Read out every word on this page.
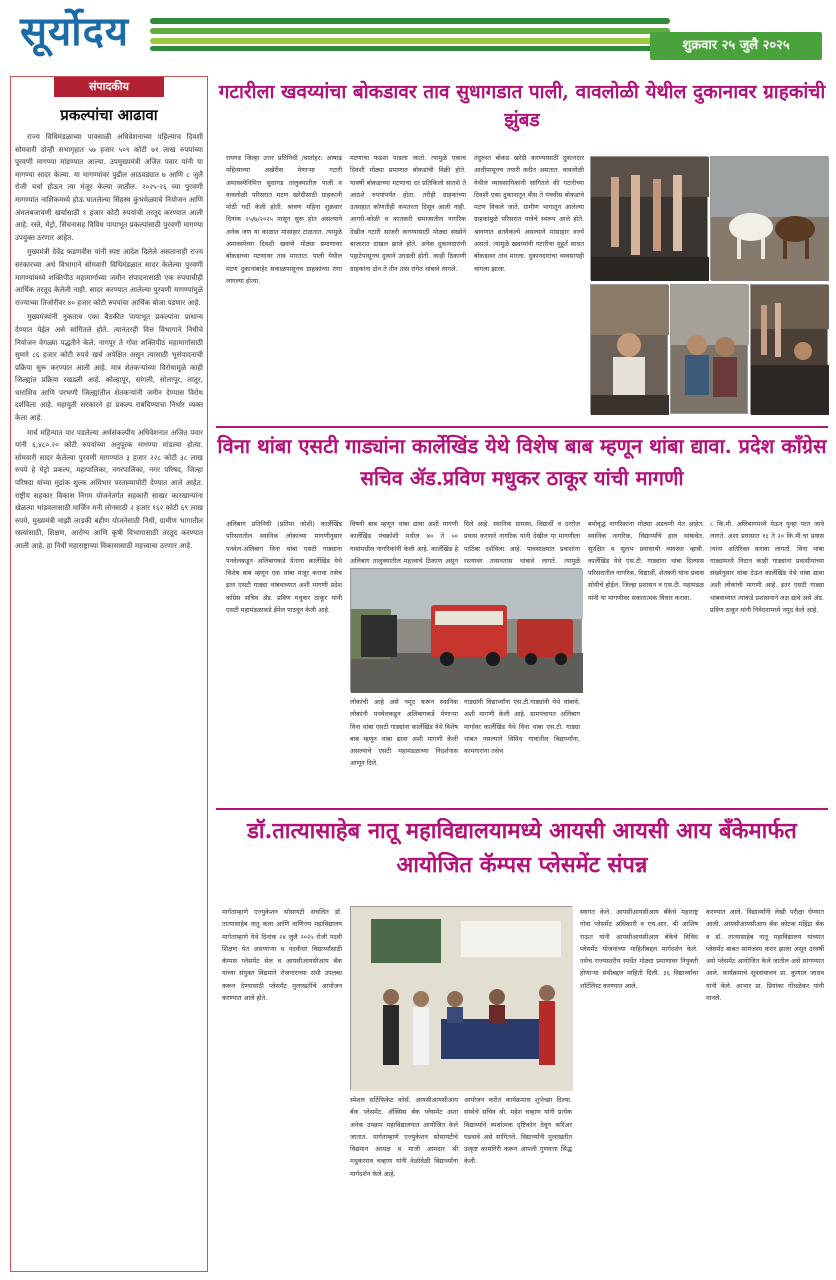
सूर्योदय	शुक्रवार २५ जुलै २०२५
संपादकीय
प्रकल्पांचा आढावा

राज्य विधिमंडळाच्या पावसाळी अधिवेशनाच्या पहिल्याच दिवशी सोमवारी दोन्ही सभागृहात ५७ हजार ५०९ कोटी ७१ लाख रुपयांच्या पुरवणी मागण्या मांडण्यात आल्या. उपमुख्यमंत्री अजित पवार यांनी या मागण्या सादर केल्या. या मागण्यांवर पुढील आठवड्यात ७ आणि ८ जुलै रोजी चर्चा होऊन त्या मंजूर केल्या जातील. २०२५-२६ च्या पुरवणी मागण्यांत नाशिकमध्ये होऊ घातलेल्या सिंहस्थ कुंभमेळ्याचे नियोजन आणि अंमलबजावणी खर्चासाठी १ हजार कोटी रुपयांची तरतूद करण्यात आली आहे. रस्ते, मेट्रो, सिंचनासह विविध पायाभूत प्रकल्पांसाठी पुरवणी मागण्या उपयुक्त ठरणार आहेत.

मुख्यमंत्री देवेंद्र फडणवीस यांनी स्पष्ट आदेश दिलेले असतानाही राज्य सरकारच्या अर्थ विभागाने सोमवारी विधिमंडळात सादर केलेल्या पुरवणी मागण्यांमध्ये शक्तिपीठ महामार्गाच्या जमीन संपादनासाठी एक रुपयाचीही आर्थिक तरतूद केलेली नाही. सादर करण्यात आलेल्या पुरवणी मागण्यांमुळे राज्याच्या तिजोरीवर ४० हजार कोटी रुपयांचा आर्थिक बोजा पडणार आहे.

मुख्यमंत्र्यांनी नुकताच एका बैठकीत पायाभूत प्रकल्पांना प्राधान्य देण्यात येईल असे सांगितले होते. त्यानंतरही वित्त विभागाने निधीचे नियोजन वेगळ्या पद्धतीने केले. नागपूर ते गोवा शक्तिपीठ महामार्गासाठी सुमारे ८६ हजार कोटी रुपये खर्च अपेक्षित असून त्यासाठी भूसंपादनाची प्रक्रिया सुरू करण्यात आली आहे. मात्र शेतकऱ्यांच्या विरोधामुळे काही जिल्ह्यांत प्रक्रिया रखडली आहे. कोल्हापूर, सांगली, सोलापूर, लातूर, धाराशिव आणि परभणी जिल्ह्यांतील शेतकऱ्यांनी जमीन देण्यास विरोध दर्शविला आहे. महायुती सरकारने हा प्रकल्प राबविण्याचा निर्धार व्यक्त केला आहे.

मार्च महिन्यात पार पडलेल्या अर्थसंकल्पीय अधिवेशनात अजित पवार यांनी ६,४८०.२० कोटी रुपयांच्या अनुपूरक मागण्या मांडल्या होत्या. सोमवारी सादर केलेल्या पुरवणी मागण्यांत ३ हजार २२८ कोटी ३८ लाख रुपये हे मेट्रो प्रकल्प, महापालिका, नगरपालिका, नगर परिषद, जिल्हा परिषदा यांच्या मुद्रांक शुल्क अधिभार परताव्यापोटी देण्यात आले आहेत. राष्ट्रीय सहकार विकास निगम योजनेतर्गत सहकारी साखर कारखान्यांना खेळत्या भांडवलासाठी मार्जिन मनी लोनसाठी २ हजार १६२ कोटी ६९ लाख रुपये, मुख्यमंत्री माझी लाडकी बहीण योजनेसाठी निधी, ग्रामीण भागातील रस्त्यांसाठी, शिक्षण, आरोग्य आणि कृषी विभागासाठी तरतूद करण्यात आली आहे. हा निधी महाराष्ट्राच्या विकासासाठी महत्त्वाचा ठरणार आहे.

गटारीला खवय्यांचा बोकडावर ताव सुधागडात पाली, वावलोळी येथील दुकानावर ग्राहकांची झुंबड
रायगड जिल्हा उत्तर प्रतिनिधी /वार्ताहर: आषाढ महिन्याच्या अखेरीस येणाऱ्या गटारी अमावस्येनिमित्त सुधागड तालुक्यातील पाली व वावलोळी परिसरात मटण खरेदीसाठी ग्राहकांनी मोठी गर्दी केली होती. श्रावण महिना शुक्रवार दिनांक २५/७/२०२५ पासून सुरू होत असल्याने अनेक जण या काळात मांसाहार टाळतात. त्यामुळे अमावस्येच्या दिवशी खवय्ये मोठ्या प्रमाणावर बोकडाच्या मटणावर ताव मारतात. पाली येथील मटण दुकानांबाहेर सकाळपासूनच ग्राहकांच्या रांगा लागल्या होत्या.
मटणाचा फडशा पाडला जातो. त्यामुळे एकाच दिवशी मोठ्या प्रमाणात बोकडांची विक्री होते. यावर्षी बोकडाच्या मटणाचा दर प्रतिकिलो सातशे ते आठशे रुपयांपर्यंत होता. तरीही ग्राहकांच्या उत्साहात कोणतीही कमतरता दिसून आली नाही. आगरी-कोळी व कातकरी समाजातील नागरिक देखील गटारी साजरी करण्यासाठी मोठ्या संख्येने बाजारात दाखल झाले होते. अनेक दुकानदारांनी पहाटेपासूनच दुकाने उघडली होती. काही ठिकाणी ग्राहकांना दोन ते तीन तास रांगेत थांबावे लागले.
तंदुरुस्त बोकड खरेदी करण्यासाठी दुकानदार आधीपासूनच तयारी करीत असतात. वावलोळी येथील व्यावसायिकांनी सांगितले की गटारीच्या दिवशी एका दुकानातून वीस ते पंचवीस बोकडांचे मटण विकले जाते. ग्रामीण भागातून आलेल्या ग्राहकांमुळे परिसरात यात्रेचे स्वरूप आले होते. श्रावणात व्रतवैकल्ये असल्याने मांसाहार वर्ज्य असतो. त्यामुळे खवय्यांनी गटारीचा मुहूर्त साधत बोकडावर ताव मारला. दुकानदारांचा व्यवसायही चांगला झाला.
विना थांबा एसटी गाड्यांना कार्लेखिंड येथे विशेष बाब म्हणून थांबा द्यावा. प्रदेश काँग्रेस सचिव ॲड.प्रविण मधुकर ठाकूर यांची मागणी
अलिबाग प्रतिनिधी (प्रतिमा जोशी) कार्लेखिंड परिसरातील स्थानिक लोकांच्या मागणीनुसार पनवेल-अलिबाग विना थांबा एसटी गाड्यांना पनवेलकडून अलिबागकडे येताना कार्लेखिंड येथे विशेष बाब म्हणून एक थांबा मंजूर करावा तसेच इतर एसटी गाड्या थांबवाव्यात अशी मागणी प्रदेश काँग्रेस सचिव ॲड. प्रविण मधुकर ठाकूर यांनी एसटी महामंडळाकडे ईमेल पाठवून केली आहे.
विषयी बाब म्हणून थांबा द्यावा अशी मागणी कार्लेखिंड पंचक्रोशी मधील ४० ते ५० गावांमधील नागरिकांनी केली आहे. कार्लेखिंड हे अलिबाग तालुक्यातील महत्त्वाचे ठिकाण असून
दिले आहे. स्थानिक ग्रामस्थ, विद्यार्थी व दररोज प्रवास करणारे नागरिक यांनी देखील या मागणीला पाठिंबा दर्शविला आहे. पावसाळ्यात प्रवाशांना रस्त्यावर तासनतास थांबावे लागते. त्यामुळे
बयोवृद्ध नागरिकांना मोठ्या अडचणी येत आहेत. स्थानिक नागरिक, विद्यार्थ्यांचे हाल थांबावेत, सुरक्षित व सुलभ प्रवासाची व्यवस्था व्हावी. कार्लेखिंड येथे एस.टी. गाड्यांना थांबा दिल्यास परिसरातील नागरिक, विद्यार्थी, शेतकरी यांना प्रवास सोयीचे होईल. जिल्हा प्रशासन व एस.टी. महामंडळ यांनी या मागणीवर सकारात्मक विचार करावा.
८ कि.मी. अलिबागमध्ये येऊन पुन्हा परत जावे लागते. अशा प्रवासात १६ ते २० कि.मी.चा प्रवास त्यांना अतिरिक्त करावा लागतो. विना थांबा गाड्यांमध्ये निदान काही गाड्यांना प्रवासीयांच्या संख्येनुसार थांबा देऊन कार्लेखिंड येथे थांबा द्यावा अशी लोकांची मागणी आहे. इतर एसटी गाड्या थांबवाव्यात त्याकडे प्रशासनाने लक्ष द्यावे असे ॲड. प्रविण ठाकूर यांनी निवेदनामध्ये नमूद केले आहे.
लोकांची आहे असे नमूद करून स्थानिक लोकांनी पनवेलकडून अलिबागकडे येणाऱ्या विना थांबा एसटी गाड्यांना कार्लेखिंड येथे विशेष बाब म्हणून थांबा द्यावा अशी मागणी केली असल्याचे एसटी महामंडळाच्या निदर्शनास आणून दिले.
गाड्यांनी विद्यार्थ्यांना एस.टी.गाड्यांनी येथे थांबावे, अशी मागणी केली आहे. ग्रामपंचायत अलिबाग मार्गावर कार्लेखिंड येथे विना थांबा एस.टी. गाड्या थांबत नसल्याने विविध गावांतील विद्यार्थ्यांना, कामगारांना तसेच
डॉ.तात्यासाहेब नातू महाविद्यालयामध्ये आयसी आयसी आय बँकेमार्फत आयोजित कॅम्पस प्लेसमेंट संपन्न
मार्गताम्हाणे एज्युकेशन सोसायटी संचलित डॉ. तात्यासाहेब नातू कला आणि वाणिज्य महाविद्यालय मार्गताम्हाणे येथे दिनांक २४ जुलै २०२५ रोजी पदवी शिक्षण घेत असणाऱ्या व पदवीधर विद्यार्थ्यांसाठी कॅम्पस प्लेसमेंट सेल व आयसीआयसीआय बँक यांच्या संयुक्त विद्यमाने रोजगाराच्या संधी उपलब्ध करून देण्यासाठी प्लेसमेंट मुलाखतींचे आयोजन करण्यात आले होते.
स्पेशल सर्टिफिकेट कोर्स, आयसीआयसीआय बँक प्लेसमेंट, ॲक्सिस बँक प्लेसमेंट अशा अनेक उपक्रम महाविद्यालयात आयोजित केले जातात. मार्गताम्हाणे एज्युकेशन सोसायटीचे विद्यमान अध्यक्ष व माजी आमदार श्री मधुकरराव चव्हाण यांनी वेळोवेळी विद्यार्थ्यांना मार्गदर्शन केले आहे.
आयोजन करीत कार्यक्रमास शुभेच्छा दिल्या. संस्थेचे सचिव श्री. महेश चव्हाण यांनी प्रत्येक विद्यार्थ्याने स्पर्धात्मक दृष्टिकोन ठेवून करिअर घडवावे असे सांगितले. विद्यार्थ्यांनी मुलाखतीत उत्कृष्ट कामगिरी करून आपली गुणवत्ता सिद्ध केली.
स्वागत केले. आयसीआयसीआय बँकेचे महाराष्ट्र गोवा प्लेसमेंट अधिकारी व एच.आर. श्री आशिष राऊत यांनी आयसीआयसीआय बँकेचे विविध प्लेसमेंट योजनांच्या माहितीबद्दल मार्गदर्शन केले. तसेच राज्यस्तरीय स्पर्धेत मोठ्या प्रमाणावर नियुक्ती होणाऱ्या संधीबद्दल माहिती दिली. ३६ विद्यार्थ्यांचा शॉर्टलिस्ट करण्यात आले.
करण्यात आले. विद्यार्थ्यांनी लेखी परीक्षा घेण्यात आली. आयसीआयसीआय बँक कोटक महिंद्रा बँक व डॉ. तात्यासाहेब नातू महाविद्यालय यांच्यात प्लेसमेंट बाबत सामंजस्य करार झाला असून दरवर्षी असे प्लेसमेंट आयोजित केले जातील असे सांगण्यात आले. कार्यक्रमाचे सूत्रसंचालन प्रा. कुणाल जाधव यांनी केले. आभार प्रा. प्रियांका गोंधळेकर यांनी मानले.
